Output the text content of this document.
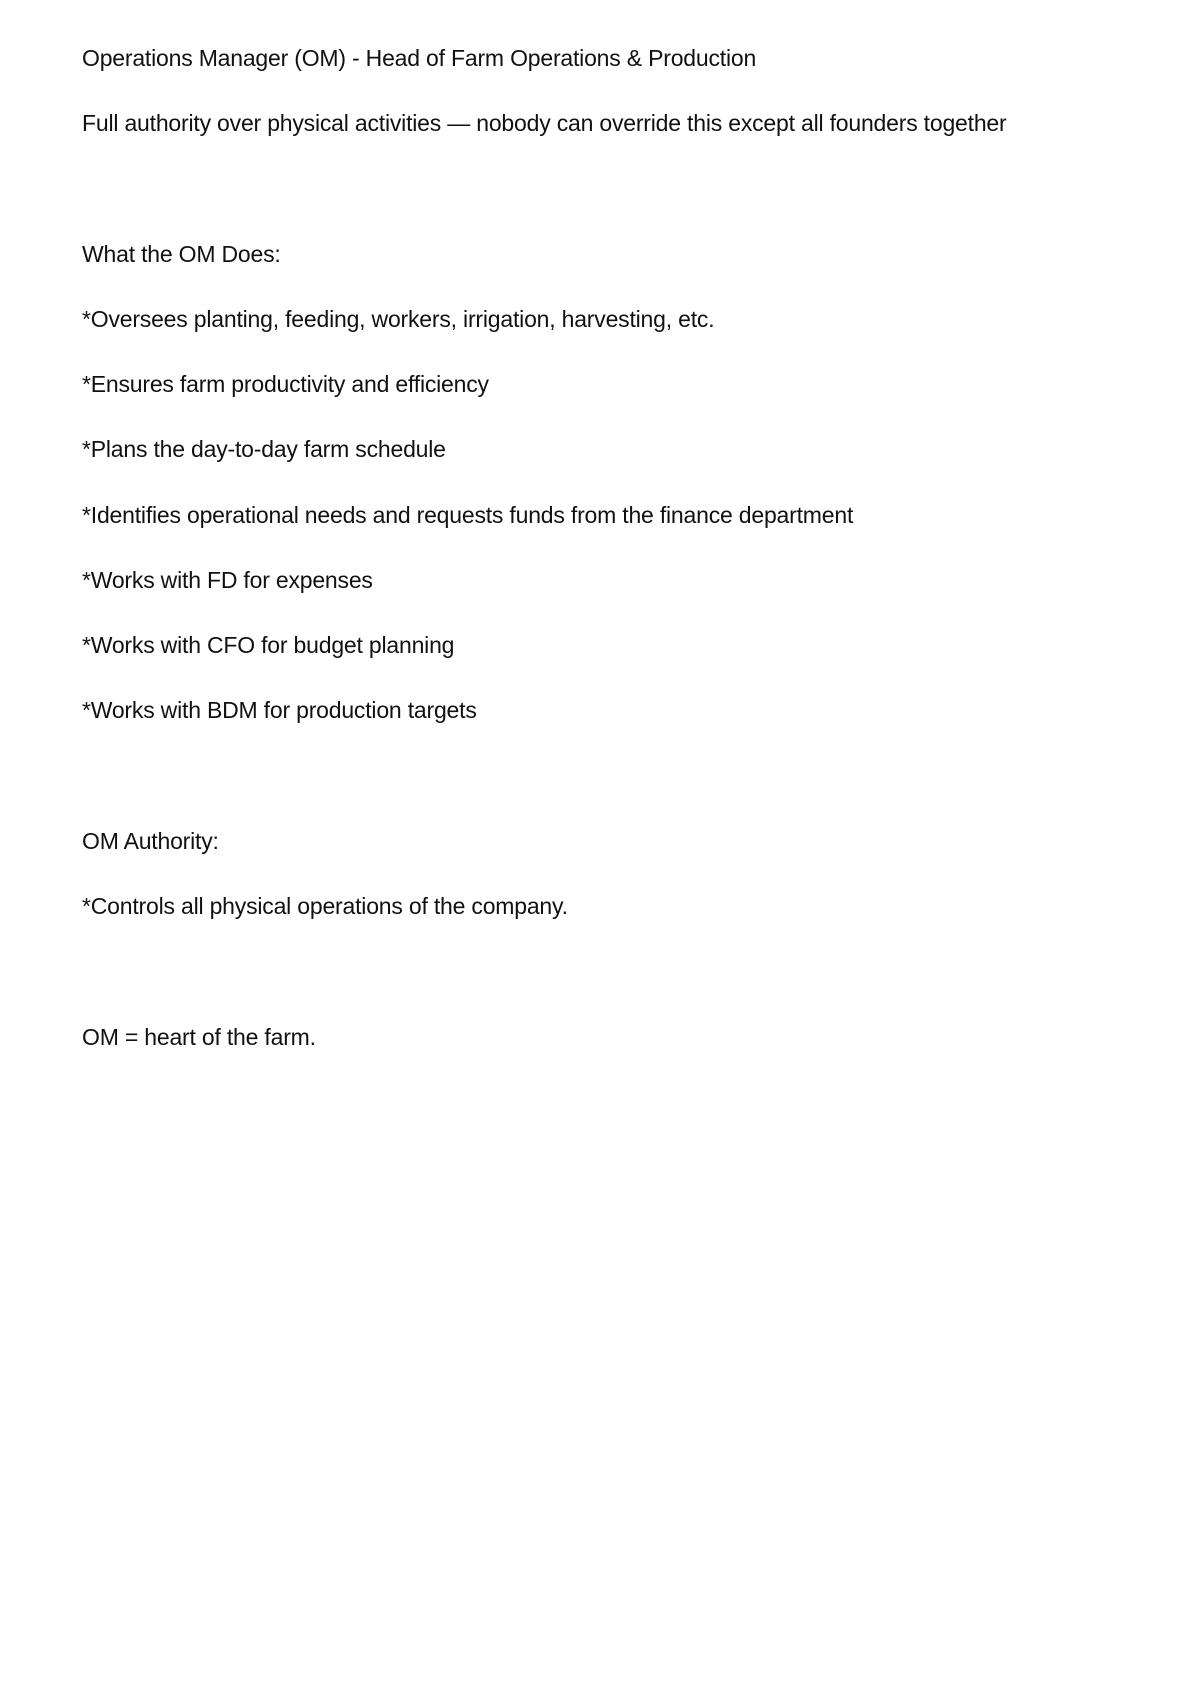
Operations Manager (OM) - Head of Farm Operations & Production
Full authority over physical activities — nobody can override this except all founders together
What the OM Does:
*Oversees planting, feeding, workers, irrigation, harvesting, etc.
*Ensures farm productivity and efficiency
*Plans the day-to-day farm schedule
*Identifies operational needs and requests funds from the finance department
*Works with FD for expenses
*Works with CFO for budget planning
*Works with BDM for production targets
OM Authority:
*Controls all physical operations of the company.
OM = heart of the farm.
